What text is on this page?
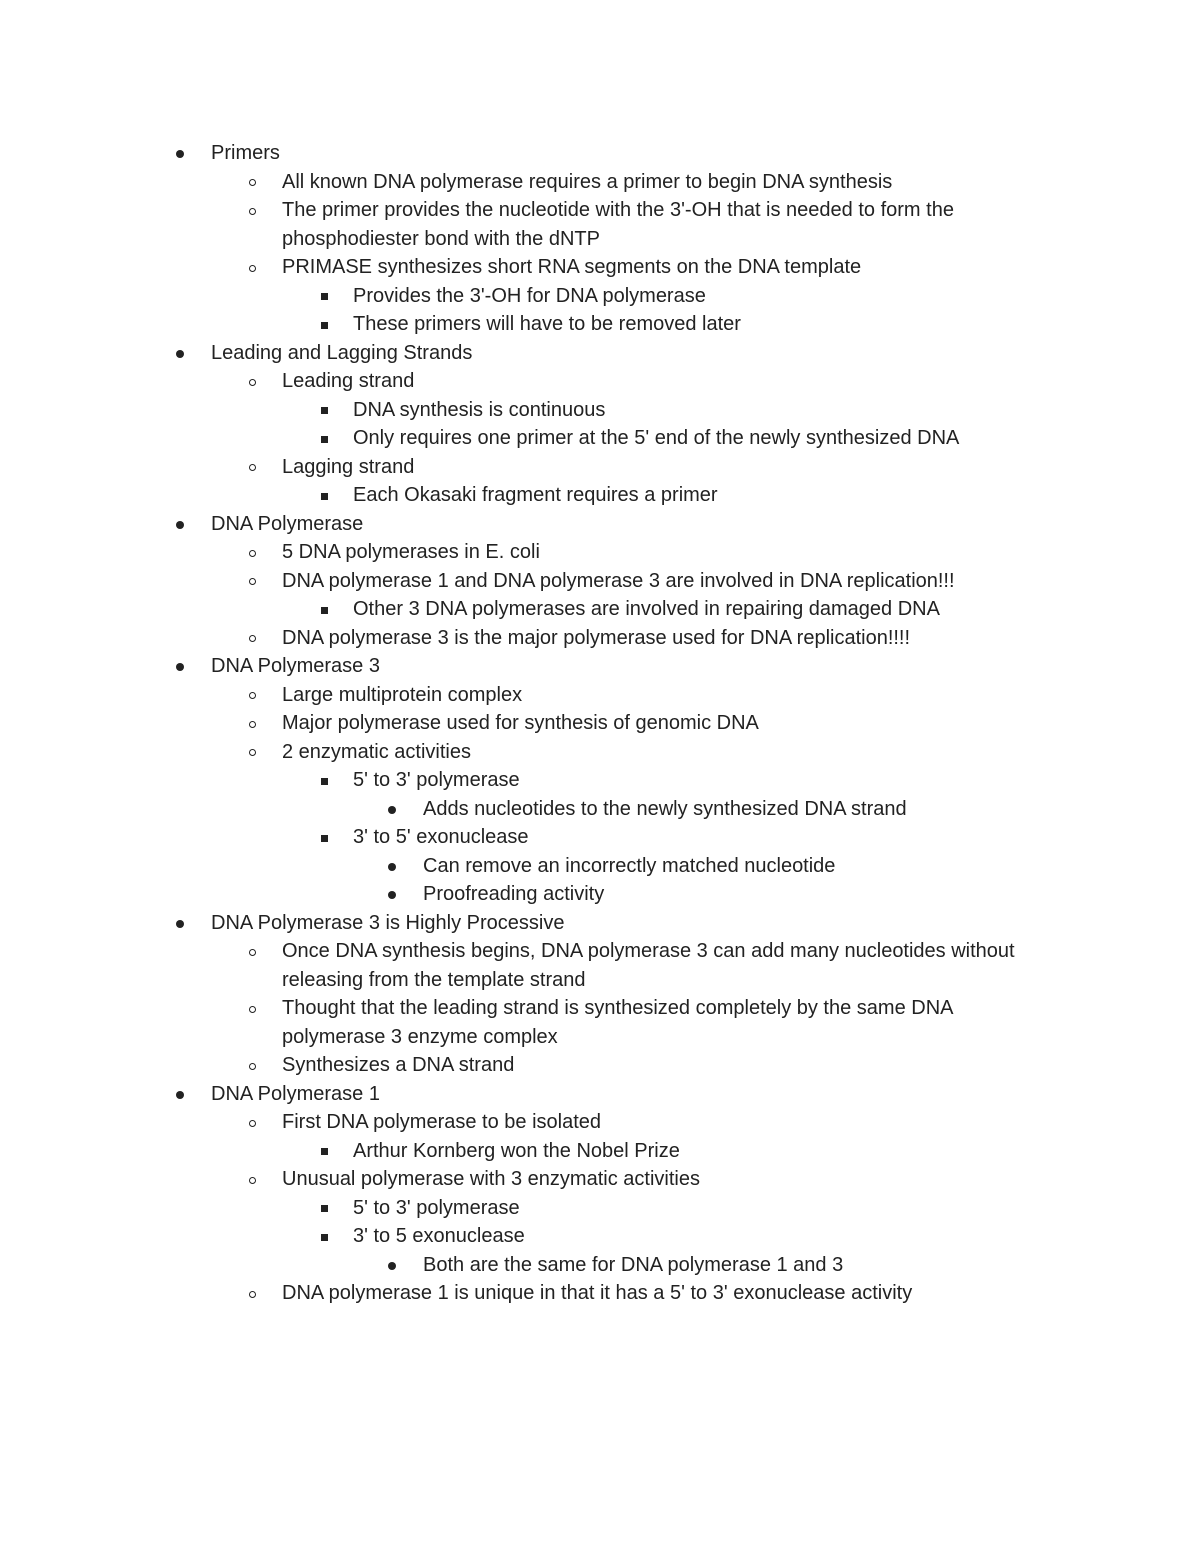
Primers
All known DNA polymerase requires a primer to begin DNA synthesis
The primer provides the nucleotide with the 3'-OH that is needed to form the phosphodiester bond with the dNTP
PRIMASE synthesizes short RNA segments on the DNA template
Provides the 3'-OH for DNA polymerase
These primers will have to be removed later
Leading and Lagging Strands
Leading strand
DNA synthesis is continuous
Only requires one primer at the 5' end of the newly synthesized DNA
Lagging strand
Each Okasaki fragment requires a primer
DNA Polymerase
5 DNA polymerases in E. coli
DNA polymerase 1 and DNA polymerase 3 are involved in DNA replication!!!
Other 3 DNA polymerases are involved in repairing damaged DNA
DNA polymerase 3 is the major polymerase used for DNA replication!!!!
DNA Polymerase 3
Large multiprotein complex
Major polymerase used for synthesis of genomic DNA
2 enzymatic activities
5' to 3' polymerase
Adds nucleotides to the newly synthesized DNA strand
3' to 5' exonuclease
Can remove an incorrectly matched nucleotide
Proofreading activity
DNA Polymerase 3 is Highly Processive
Once DNA synthesis begins, DNA polymerase 3 can add many nucleotides without releasing from the template strand
Thought that the leading strand is synthesized completely by the same DNA polymerase 3 enzyme complex
Synthesizes a DNA strand
DNA Polymerase 1
First DNA polymerase to be isolated
Arthur Kornberg won the Nobel Prize
Unusual polymerase with 3 enzymatic activities
5' to 3' polymerase
3' to 5 exonuclease
Both are the same for DNA polymerase 1 and 3
DNA polymerase 1 is unique in that it has a 5' to 3' exonuclease activity
